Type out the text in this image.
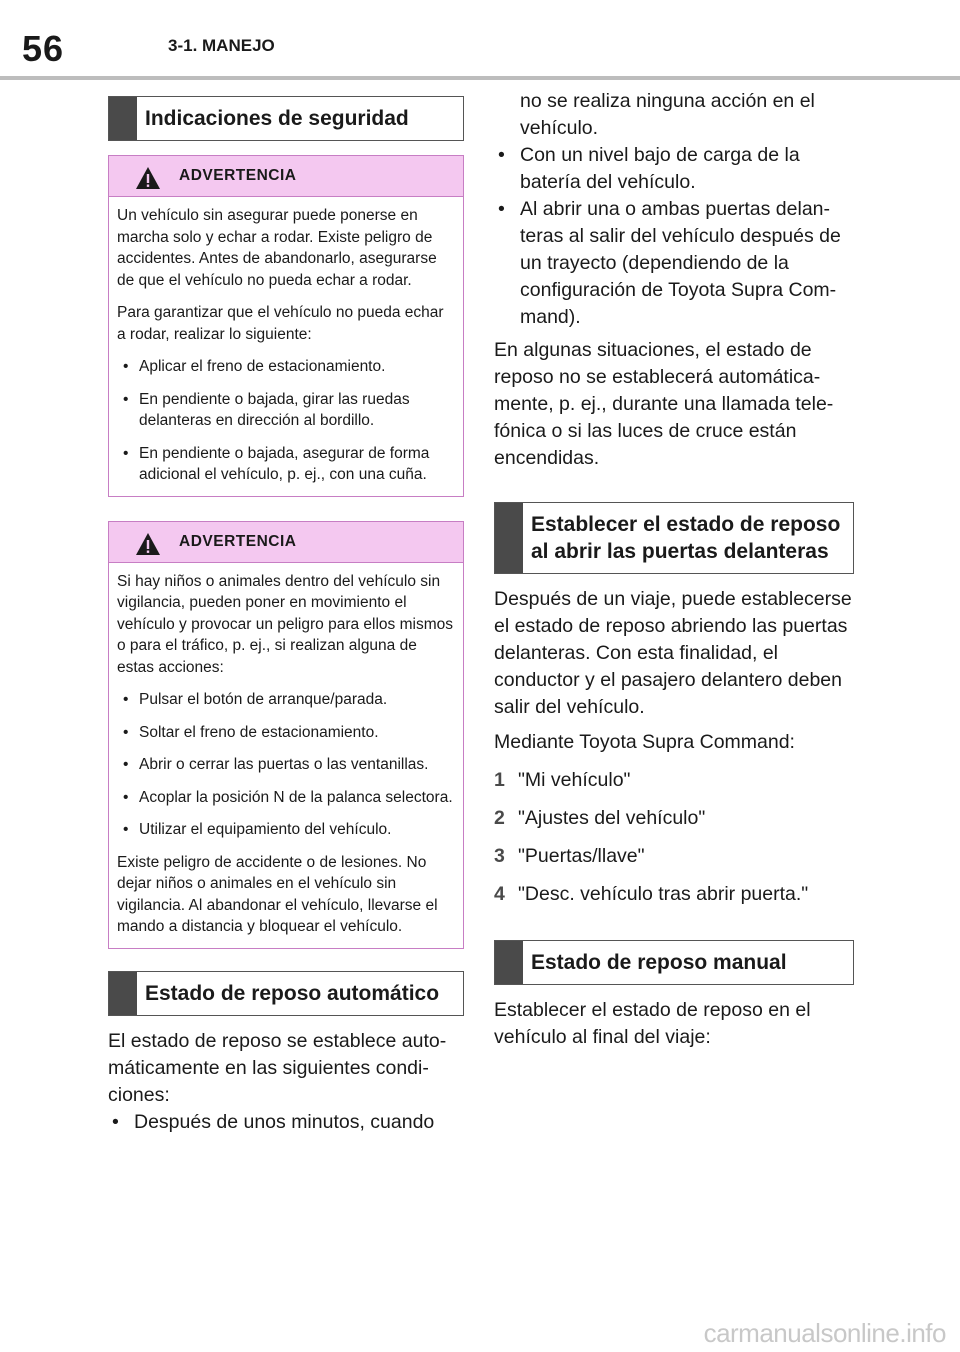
56	3-1. MANEJO
Indicaciones de seguridad
ADVERTENCIA

Un vehículo sin asegurar puede ponerse en marcha solo y echar a rodar. Existe peligro de accidentes. Antes de abandonarlo, asegurarse de que el vehículo no pueda echar a rodar.

Para garantizar que el vehículo no pueda echar a rodar, realizar lo siguiente:

• Aplicar el freno de estacionamiento.
• En pendiente o bajada, girar las ruedas delanteras en dirección al bordillo.
• En pendiente o bajada, asegurar de forma adicional el vehículo, p. ej., con una cuña.
ADVERTENCIA

Si hay niños o animales dentro del vehículo sin vigilancia, pueden poner en movimiento el vehículo y provocar un peligro para ellos mismos o para el tráfico, p. ej., si realizan alguna de estas acciones:

• Pulsar el botón de arranque/parada.
• Soltar el freno de estacionamiento.
• Abrir o cerrar las puertas o las ventanillas.
• Acoplar la posición N de la palanca selectora.
• Utilizar el equipamiento del vehículo.

Existe peligro de accidente o de lesiones. No dejar niños o animales en el vehículo sin vigilancia. Al abandonar el vehículo, llevarse el mando a distancia y bloquear el vehículo.

Estado de reposo automático

El estado de reposo se establece automáticamente en las siguientes condiciones:

• Después de unos minutos, cuando
no se realiza ninguna acción en el vehículo.
• Con un nivel bajo de carga de la batería del vehículo.
• Al abrir una o ambas puertas delanteras al salir del vehículo después de un trayecto (dependiendo de la configuración de Toyota Supra Command).

En algunas situaciones, el estado de reposo no se establecerá automáticamente, p. ej., durante una llamada telefónica o si las luces de cruce están encendidas.

Establecer el estado de reposo al abrir las puertas delanteras

Después de un viaje, puede establecerse el estado de reposo abriendo las puertas delanteras. Con esta finalidad, el conductor y el pasajero delantero deben salir del vehículo.

Mediante Toyota Supra Command:

1 "Mi vehículo"
2 "Ajustes del vehículo"
3 "Puertas/llave"
4 "Desc. vehículo tras abrir puerta."
Estado de reposo manual

Establecer el estado de reposo en el vehículo al final del viaje:

carmanualsonline.info
